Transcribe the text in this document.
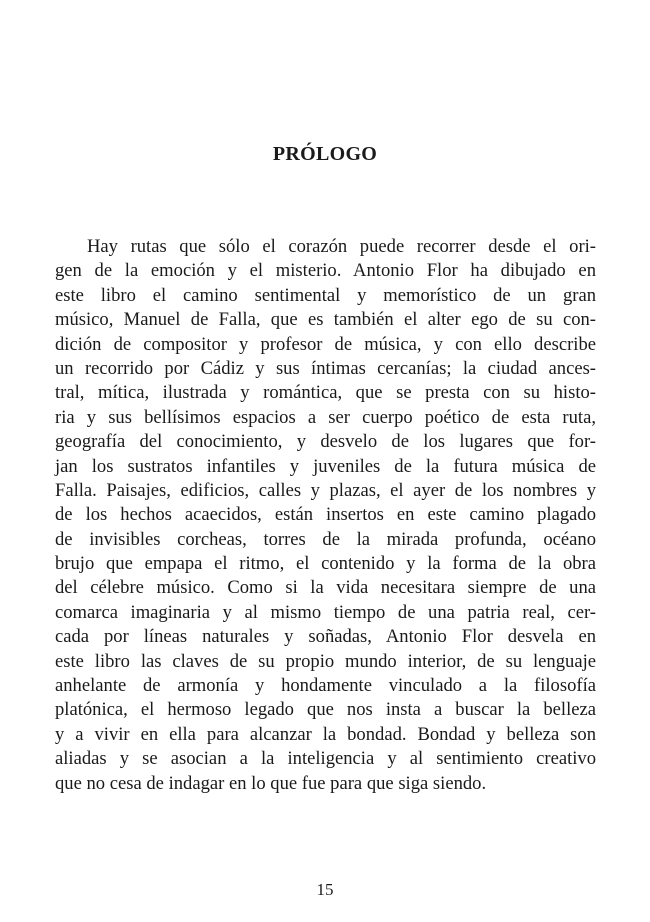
PRÓLOGO
Hay rutas que sólo el corazón puede recorrer desde el ori-
gen de la emoción y el misterio. Antonio Flor ha dibujado en
este libro el camino sentimental y memorístico de un gran
músico, Manuel de Falla, que es también el alter ego de su con-
dición de compositor y profesor de música, y con ello describe
un recorrido por Cádiz y sus íntimas cercanías; la ciudad ances-
tral, mítica, ilustrada y romántica, que se presta con su histo-
ria y sus bellísimos espacios a ser cuerpo poético de esta ruta,
geografía del conocimiento, y desvelo de los lugares que for-
jan los sustratos infantiles y juveniles de la futura música de
Falla. Paisajes, edificios, calles y plazas, el ayer de los nombres y
de los hechos acaecidos, están insertos en este camino plagado
de invisibles corcheas, torres de la mirada profunda, océano
brujo que empapa el ritmo, el contenido y la forma de la obra
del célebre músico. Como si la vida necesitara siempre de una
comarca imaginaria y al mismo tiempo de una patria real, cer-
cada por líneas naturales y soñadas, Antonio Flor desvela en
este libro las claves de su propio mundo interior, de su lenguaje
anhelante de armonía y hondamente vinculado a la filosofía
platónica, el hermoso legado que nos insta a buscar la belleza
y a vivir en ella para alcanzar la bondad. Bondad y belleza son
aliadas y se asocian a la inteligencia y al sentimiento creativo
que no cesa de indagar en lo que fue para que siga siendo.

15
